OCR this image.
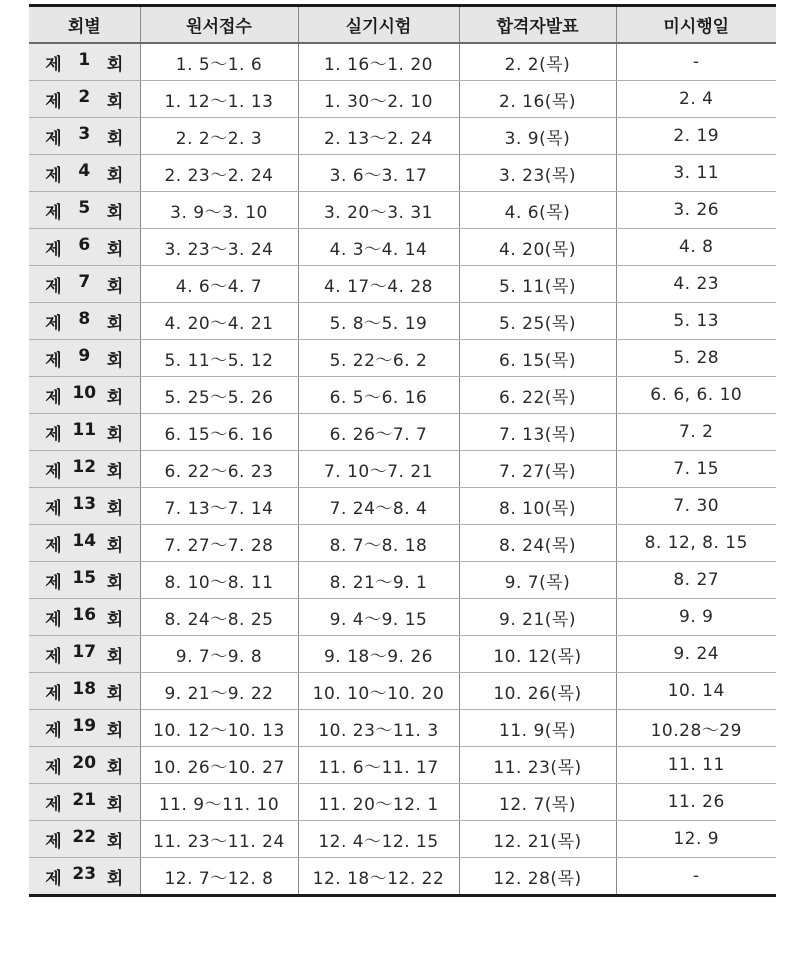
회별	원서접수	실기시험	합격자발표	미시행일

제 1 회	1. 5～1. 6	1. 16～1. 20	2. 2(목)	-

제 2 회	1. 12～1. 13	1. 30～2. 10	2. 16(목)	2. 4

제 3 회	2. 2～2. 3	2. 13～2. 24	3. 9(목)	2. 19

제 4 회	2. 23～2. 24	3. 6～3. 17	3. 23(목)	3. 11

제 5 회	3. 9～3. 10	3. 20～3. 31	4. 6(목)	3. 26

제 6 회	3. 23～3. 24	4. 3～4. 14	4. 20(목)	4. 8

제 7 회	4. 6～4. 7	4. 17～4. 28	5. 11(목)	4. 23

제 8 회	4. 20～4. 21	5. 8～5. 19	5. 25(목)	5. 13

제 9 회	5. 11～5. 12	5. 22～6. 2	6. 15(목)	5. 28

제 10 회	5. 25～5. 26	6. 5～6. 16	6. 22(목)	6. 6, 6. 10

제 11 회	6. 15～6. 16	6. 26～7. 7	7. 13(목)	7. 2

제 12 회	6. 22～6. 23	7. 10～7. 21	7. 27(목)	7. 15

제 13 회	7. 13～7. 14	7. 24～8. 4	8. 10(목)	7. 30

제 14 회	7. 27～7. 28	8. 7～8. 18	8. 24(목)	8. 12, 8. 15

제 15 회	8. 10～8. 11	8. 21～9. 1	9. 7(목)	8. 27

제 16 회	8. 24～8. 25	9. 4～9. 15	9. 21(목)	9. 9

제 17 회	9. 7～9. 8	9. 18～9. 26	10. 12(목)	9. 24

제 18 회	9. 21～9. 22	10. 10～10. 20	10. 26(목)	10. 14

제 19 회	10. 12～10. 13	10. 23～11. 3	11. 9(목)	10.28～29

제 20 회	10. 26～10. 27	11. 6～11. 17	11. 23(목)	11. 11

제 21 회	11. 9～11. 10	11. 20～12. 1	12. 7(목)	11. 26

제 22 회	11. 23～11. 24	12. 4～12. 15	12. 21(목)	12. 9

제 23 회	12. 7～12. 8	12. 18～12. 22	12. 28(목)	-
